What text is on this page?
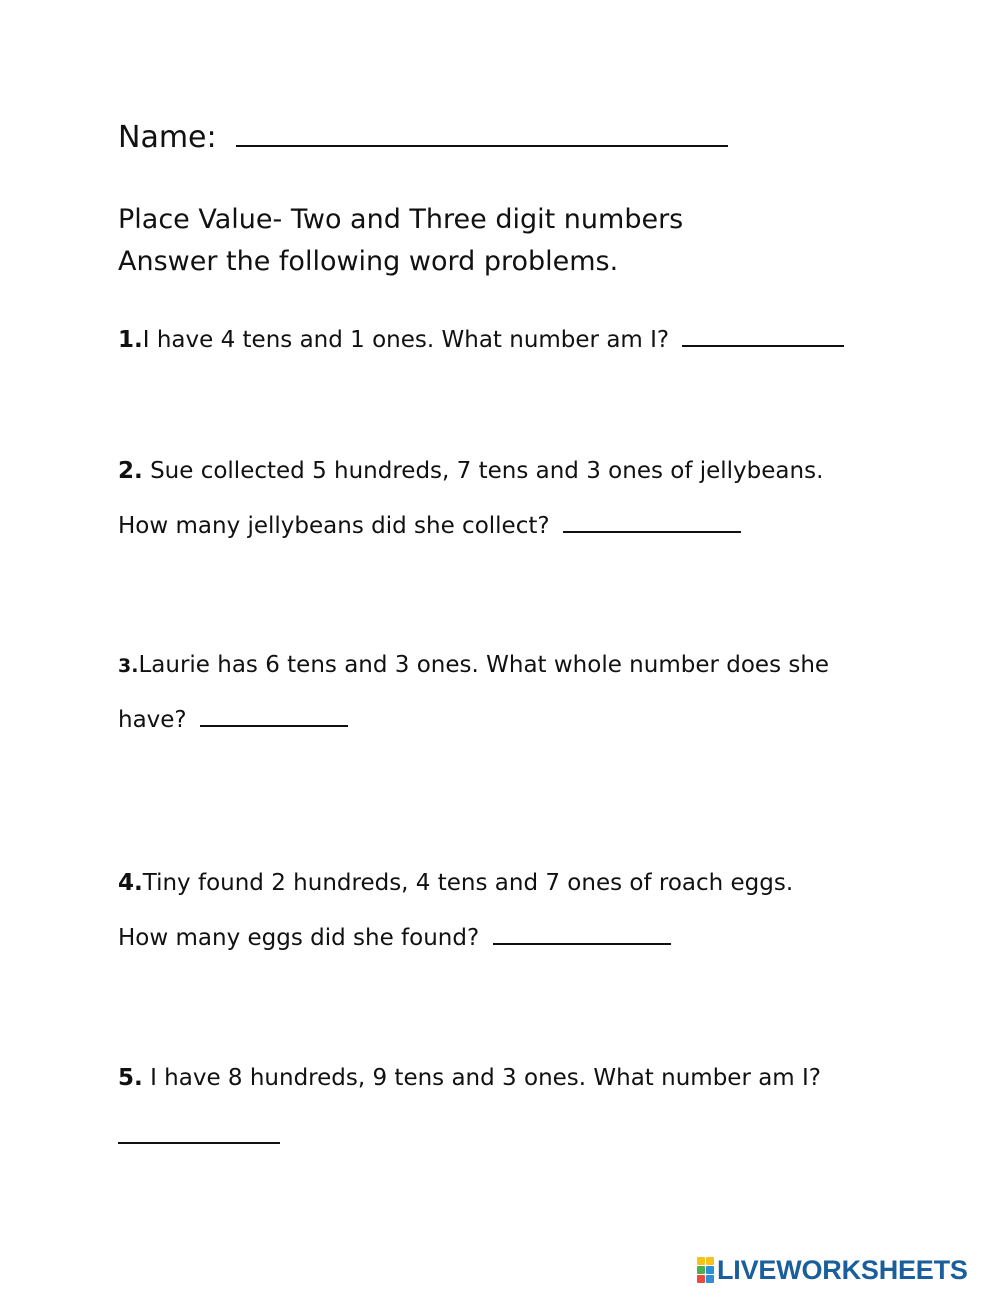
Name:
Place Value- Two and Three digit numbers
Answer the following word problems.
1.I have 4 tens and 1 ones. What number am I?
2. Sue collected 5 hundreds, 7 tens and 3 ones of jellybeans.
How many jellybeans did she collect?
3.Laurie has 6 tens and 3 ones. What whole number does she
have?
4.Tiny found 2 hundreds, 4 tens and 7 ones of roach eggs.
How many eggs did she found?
5. I have 8 hundreds, 9 tens and 3 ones. What number am I?
LIVEWORKSHEETS
